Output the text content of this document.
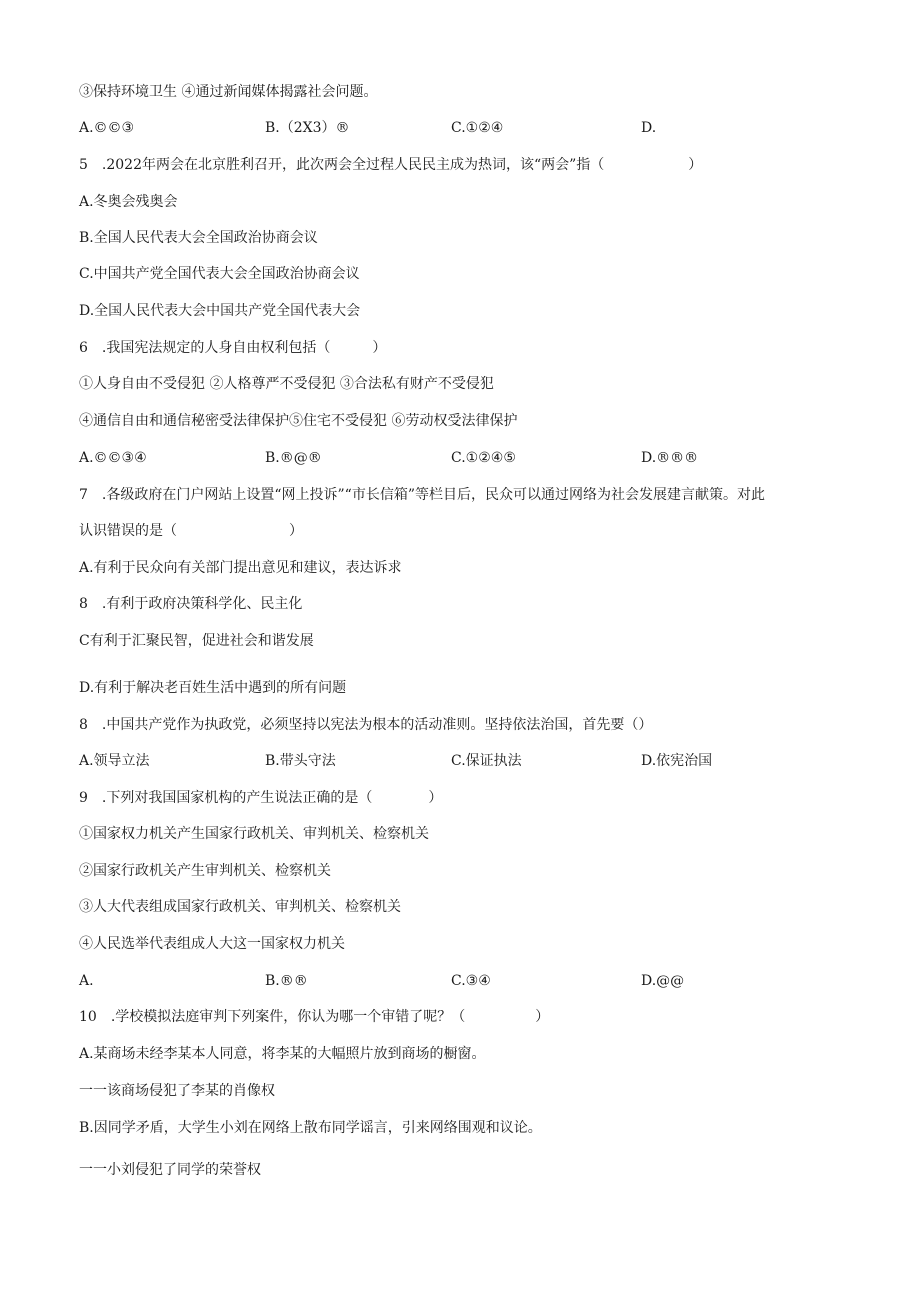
③保持环境卫生 ④通过新闻媒体揭露社会问题。
A.©©③	B.（2X3）®	C.①②④	D.
5　.2022年两会在北京胜利召开，此次两会全过程人民民主成为热词，该“两会”指（　　　　　　）
A.冬奥会残奥会
B.全国人民代表大会全国政治协商会议
C.中国共产党全国代表大会全国政治协商会议
D.全国人民代表大会中国共产党全国代表大会
6　.我国宪法规定的人身自由权利包括（　　　）
①人身自由不受侵犯 ②人格尊严不受侵犯 ③合法私有财产不受侵犯
④通信自由和通信秘密受法律保护⑤住宅不受侵犯 ⑥劳动权受法律保护
A.©©③④	B.®@®	C.①②④⑤	D.®®®
7　.各级政府在门户网站上设置“网上投诉”“市长信箱”等栏目后，民众可以通过网络为社会发展建言献策。对此
认识错误的是（　　　　　　　　）
A.有利于民众向有关部门提出意见和建议，表达诉求
8　.有利于政府决策科学化、民主化
C有利于汇聚民智，促进社会和谐发展
D.有利于解决老百姓生活中遇到的所有问题
8　.中国共产党作为执政党，必须坚持以宪法为根本的活动准则。坚持依法治国，首先要（）
A.领导立法	B.带头守法	C.保证执法	D.依宪治国
9　.下列对我国国家机构的产生说法正确的是（　　　　）
①国家权力机关产生国家行政机关、审判机关、检察机关
②国家行政机关产生审判机关、检察机关
③人大代表组成国家行政机关、审判机关、检察机关
④人民选举代表组成人大这一国家权力机关
A.	B.®®	C.③④	D.@@
10　.学校模拟法庭审判下列案件，你认为哪一个审错了呢？（　　　　　）
A.某商场未经李某本人同意，将李某的大幅照片放到商场的橱窗。
一一该商场侵犯了李某的肖像权
B.因同学矛盾，大学生小刘在网络上散布同学谣言，引来网络围观和议论。
一一小刘侵犯了同学的荣誉权
